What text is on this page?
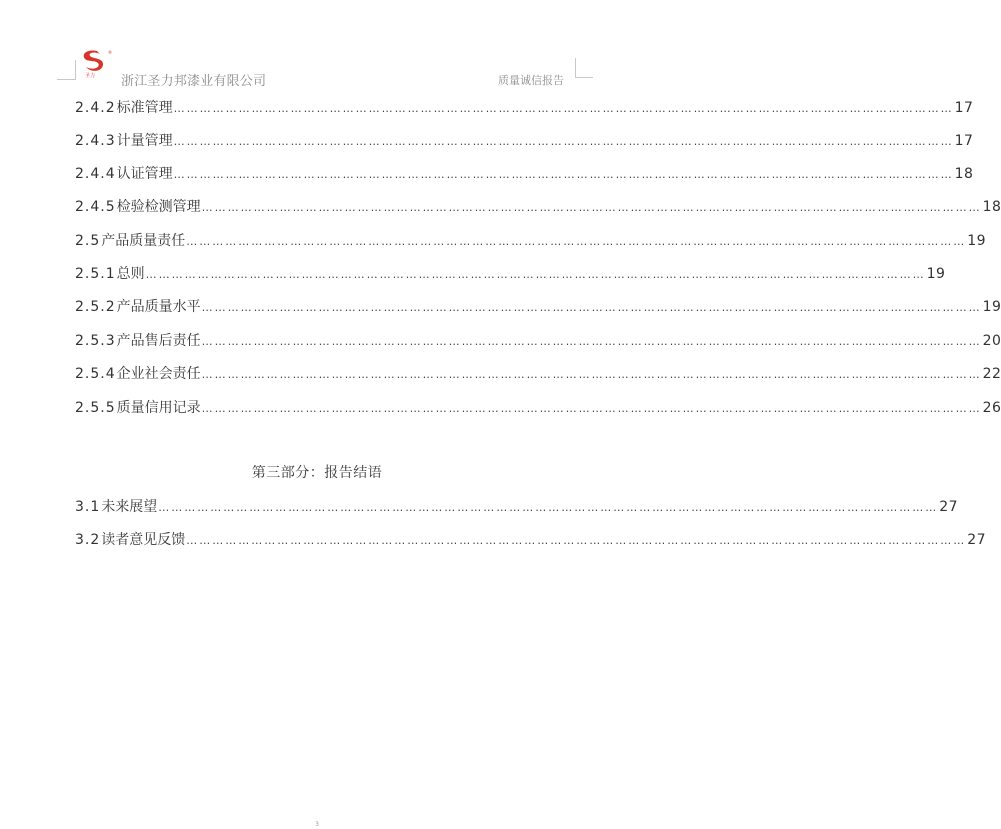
®
圣力 浙江圣力邦漆业有限公司	质量诚信报告
2.4.2 标准管理 ……………………………………………………………………………………………………………………………………………………………… 17
2.4.3 计量管理 ……………………………………………………………………………………………………………………………………………………………… 17
2.4.4 认证管理 ……………………………………………………………………………………………………………………………………………………………… 18
2.4.5 检验检测管理 ……………………………………………………………………………………………………………………………………………………………… 18
2.5 产品质量责任 ……………………………………………………………………………………………………………………………………………………………… 19
2.5.1 总则 ……………………………………………………………………………………………………………………………………………………………… 19
2.5.2 产品质量水平 ……………………………………………………………………………………………………………………………………………………………… 19
2.5.3 产品售后责任 ……………………………………………………………………………………………………………………………………………………………… 20
2.5.4 企业社会责任 ……………………………………………………………………………………………………………………………………………………………… 22
2.5.5 质量信用记录 ……………………………………………………………………………………………………………………………………………………………… 26
第三部分：报告结语
3.1 未来展望 ……………………………………………………………………………………………………………………………………………………………… 27
3.2 读者意见反馈 ……………………………………………………………………………………………………………………………………………………………… 27
3
